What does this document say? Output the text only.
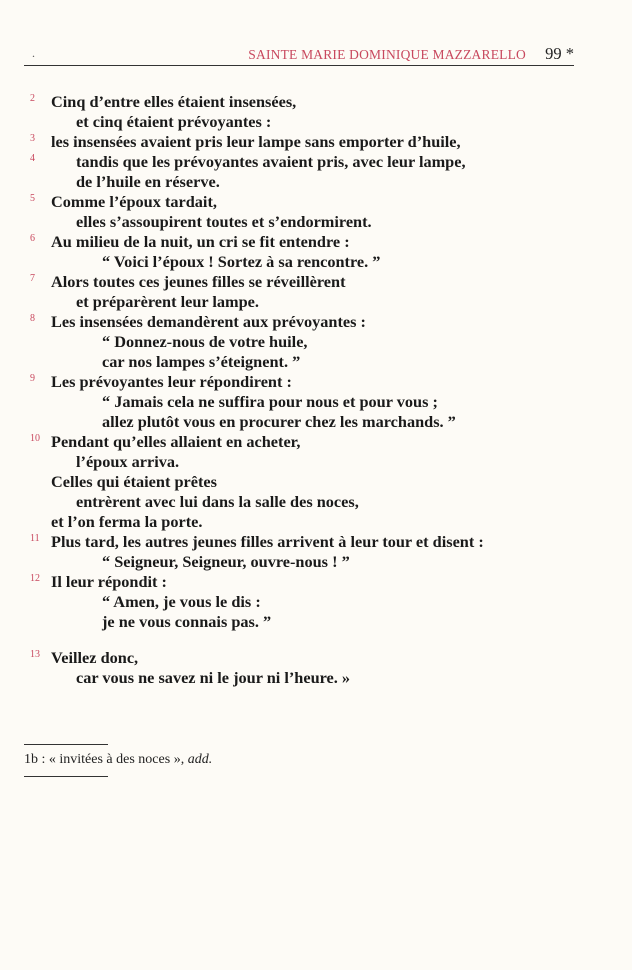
.	SAINTE MARIE DOMINIQUE MAZZARELLO 99 *
2 Cinq d’entre elles étaient insensées,
et cinq étaient prévoyantes :
3 les insensées avaient pris leur lampe sans emporter d’huile,
4	tandis que les prévoyantes avaient pris, avec leur lampe,
de l’huile en réserve.
5 Comme l’époux tardait,
elles s’assoupirent toutes et s’endormirent.
6 Au milieu de la nuit, un cri se fit entendre :
“ Voici l’époux ! Sortez à sa rencontre. ”
7 Alors toutes ces jeunes filles se réveillèrent
et préparèrent leur lampe.
8 Les insensées demandèrent aux prévoyantes :
“ Donnez-nous de votre huile,
car nos lampes s’éteignent. ”
9 Les prévoyantes leur répondirent :
“ Jamais cela ne suffira pour nous et pour vous ;
allez plutôt vous en procurer chez les marchands. ”
10 Pendant qu’elles allaient en acheter,
l’époux arriva.
Celles qui étaient prêtes
entrèrent avec lui dans la salle des noces,
et l’on ferma la porte.
11 Plus tard, les autres jeunes filles arrivent à leur tour et disent :
“ Seigneur, Seigneur, ouvre-nous ! ”
12 Il leur répondit :
“ Amen, je vous le dis :
je ne vous connais pas. ”
13 Veillez donc,
car vous ne savez ni le jour ni l’heure. »
1b : « invitées à des noces », add.
